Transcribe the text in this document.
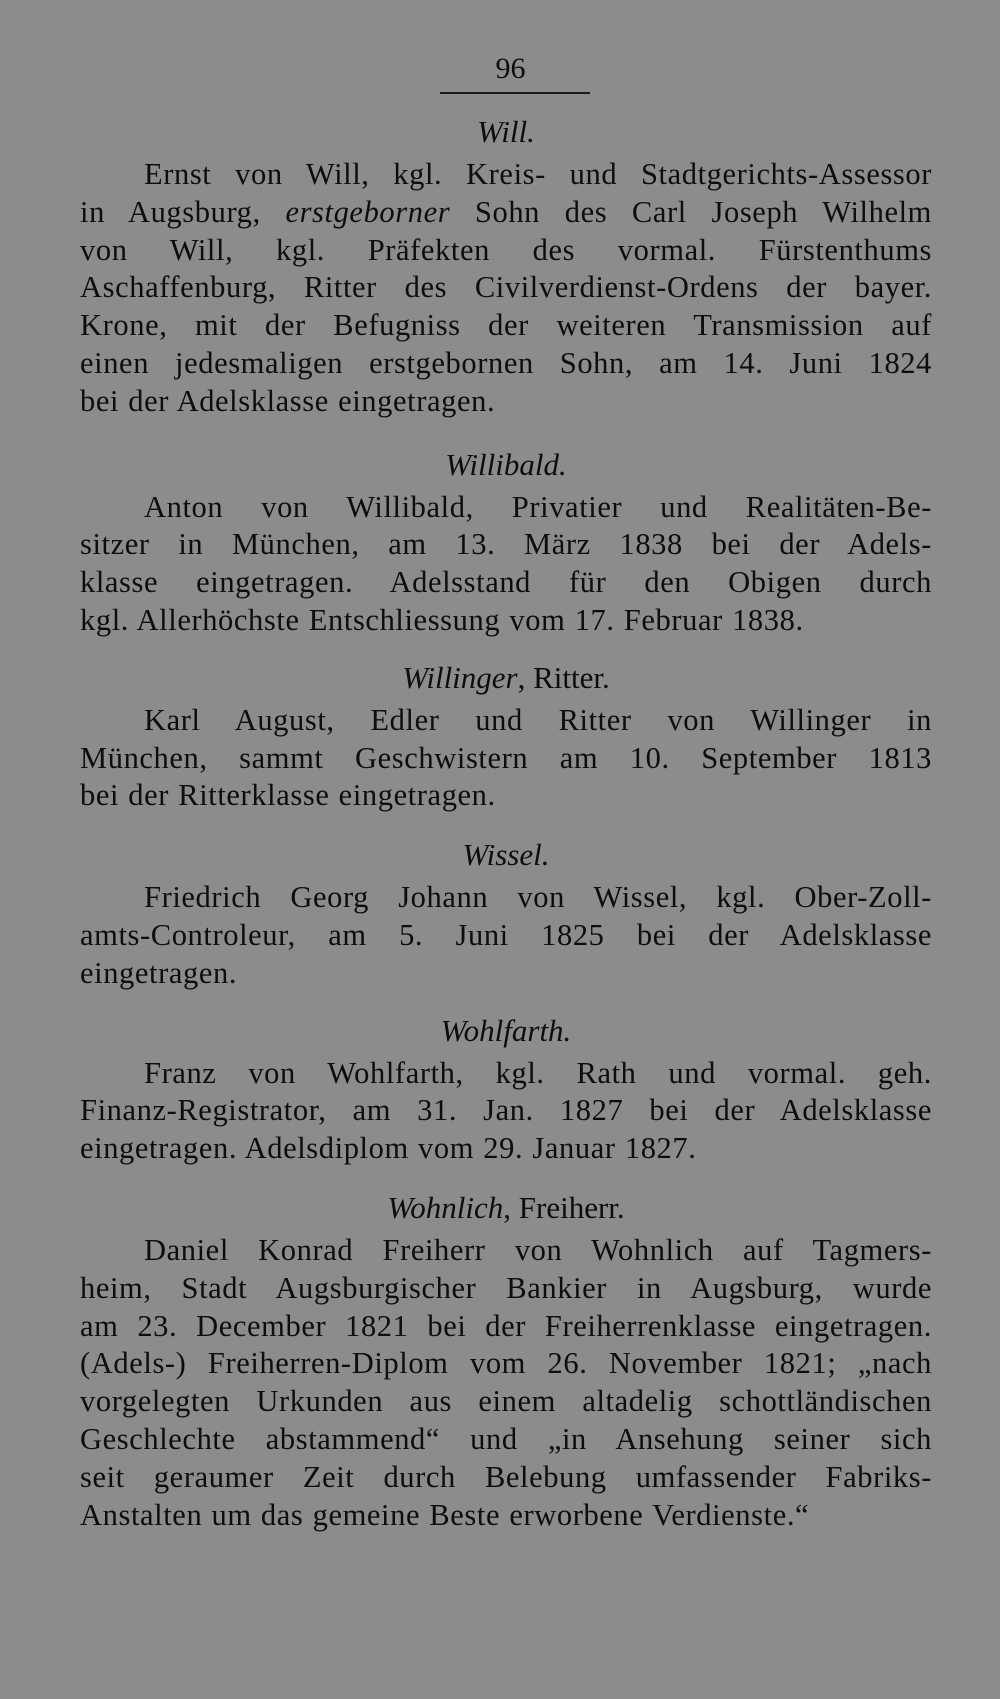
96
Will.
Ernst von Will, kgl. Kreis- und Stadtgerichts-Assessor
in Augsburg, erstgeborner Sohn des Carl Joseph Wilhelm
von Will, kgl. Präfekten des vormal. Fürstenthums
Aschaffenburg, Ritter des Civilverdienst-Ordens der bayer.
Krone, mit der Befugniss der weiteren Transmission auf
einen jedesmaligen erstgebornen Sohn, am 14. Juni 1824
bei der Adelsklasse eingetragen.
Willibald.
Anton von Willibald, Privatier und Realitäten-Be-
sitzer in München, am 13. März 1838 bei der Adels-
klasse eingetragen. Adelsstand für den Obigen durch
kgl. Allerhöchste Entschliessung vom 17. Februar 1838.
Willinger, Ritter.
Karl August, Edler und Ritter von Willinger in
München, sammt Geschwistern am 10. September 1813
bei der Ritterklasse eingetragen.
Wissel.
Friedrich Georg Johann von Wissel, kgl. Ober-Zoll-
amts-Controleur, am 5. Juni 1825 bei der Adelsklasse
eingetragen.
Wohlfarth.
Franz von Wohlfarth, kgl. Rath und vormal. geh.
Finanz-Registrator, am 31. Jan. 1827 bei der Adelsklasse
eingetragen. Adelsdiplom vom 29. Januar 1827.
Wohnlich, Freiherr.
Daniel Konrad Freiherr von Wohnlich auf Tagmers-
heim, Stadt Augsburgischer Bankier in Augsburg, wurde
am 23. December 1821 bei der Freiherrenklasse eingetragen.
(Adels-) Freiherren-Diplom vom 26. November 1821; „nach
vorgelegten Urkunden aus einem altadelig schottländischen
Geschlechte abstammend“ und „in Ansehung seiner sich
seit geraumer Zeit durch Belebung umfassender Fabriks-
Anstalten um das gemeine Beste erworbene Verdienste.“
